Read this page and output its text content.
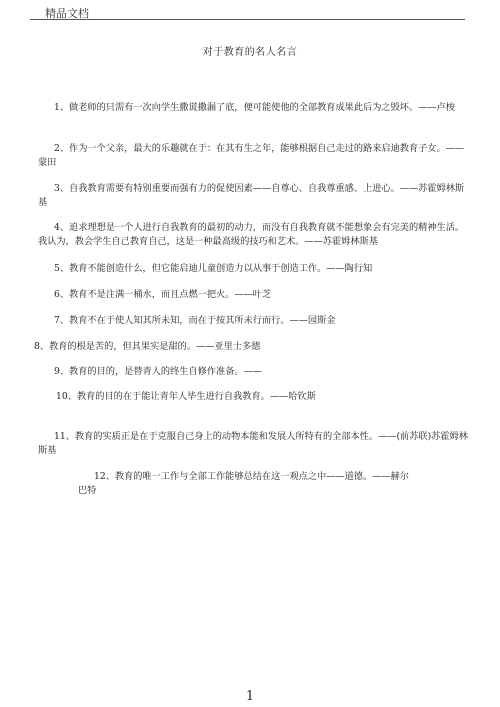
精品文档
对于教育的名人名言
1、做老师的只需有一次向学生撒谎撒漏了底，便可能使他的全部教育成果此后为之毁坏。——卢梭
2、作为一个父亲，最大的乐趣就在于：在其有生之年，能够根据自己走过的路来启迪教育子女。——蒙田
3、自我教育需要有特别重要而强有力的促使因素——自尊心、自我尊重感、上进心。——苏霍姆林斯基
4、追求理想是一个人进行自我教育的最初的动力，而没有自我教育就不能想象会有完美的精神生活。我认为，教会学生自己教育自己，这是一种最高级的技巧和艺术。——苏霍姆林斯基
5、教育不能创造什么，但它能启迪儿童创造力以从事于创造工作。——陶行知
6、教育不是注满一桶水，而且点燃一把火。——叶芝
7、教育不在于使人知其所未知，而在于按其所未行而行。——园斯金
8、教育的根是苦的，但其果实是甜的。——亚里士多德
9、教育的目的，是替青人的终生自修作准备。——
10、教育的目的在于能让青年人毕生进行自我教育。——哈钦斯
11、教育的实质正是在于克服自己身上的动物本能和发展人所特有的全部本性。——(前苏联)苏霍姆林斯基
12、教育的唯一工作与全部工作能够总结在这一观点之中——道德。——赫尔巴特
1
